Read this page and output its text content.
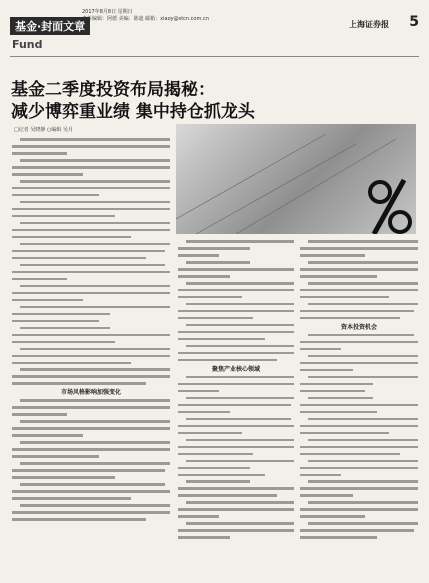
基金·封面文章
2017年8月8日 星期日
责任编辑：阿德 美编：陈迪 邮箱：xiaoy@stcn.com.cn	上海证券报 5
Fund
基金二季度投资布局揭秘：
减少博弈重业绩 集中持仓抓龙头
□记者 吴晓静 ○编辑 吴月

市场风格影响加强变化

聚焦产业核心领域

资本投资机会
